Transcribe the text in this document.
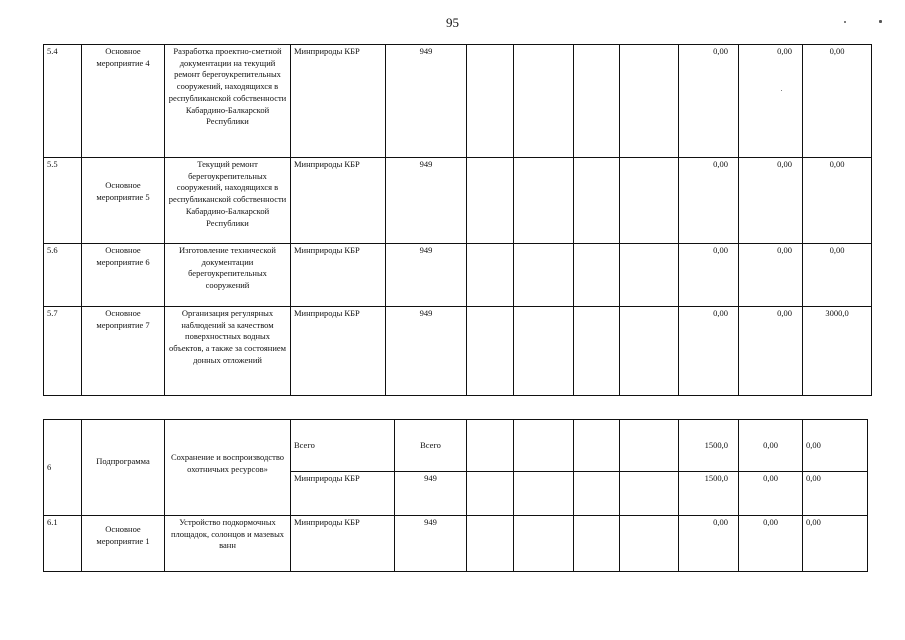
95
5.4	Основное мероприятие 4	Разработка проектно-сметной документации на текущий ремонт берегоукрепительных сооружений, находящихся в республиканской собственности Кабардино-Балкарской Республики	Минприроды КБР	949					0,00	0,00	0,00
5.5	Основное мероприятие 5	Текущий ремонт берегоукрепительных сооружений, находящихся в республиканской собственности Кабардино-Балкарской Республики	Минприроды КБР	949					0,00	0,00	0,00
5.6	Основное мероприятие 6	Изготовление технической документации берегоукрепительных сооружений	Минприроды КБР	949					0,00	0,00	0,00
5.7	Основное мероприятие 7	Организация регулярных наблюдений за качеством поверхностных водных объектов, а также за состоянием донных отложений	Минприроды КБР	949					0,00	0,00	3000,0
6	Подпрограмма	Сохранение и воспроизводство охотничьих ресурсов»	Всего	Всего					1500,0	0,00	0,00
			Минприроды КБР	949					1500,0	0,00	0,00
6.1	Основное мероприятие 1	Устройство подкормочных площадок, солонцов и мазевых ванн	Минприроды КБР	949					0,00	0,00	0,00
